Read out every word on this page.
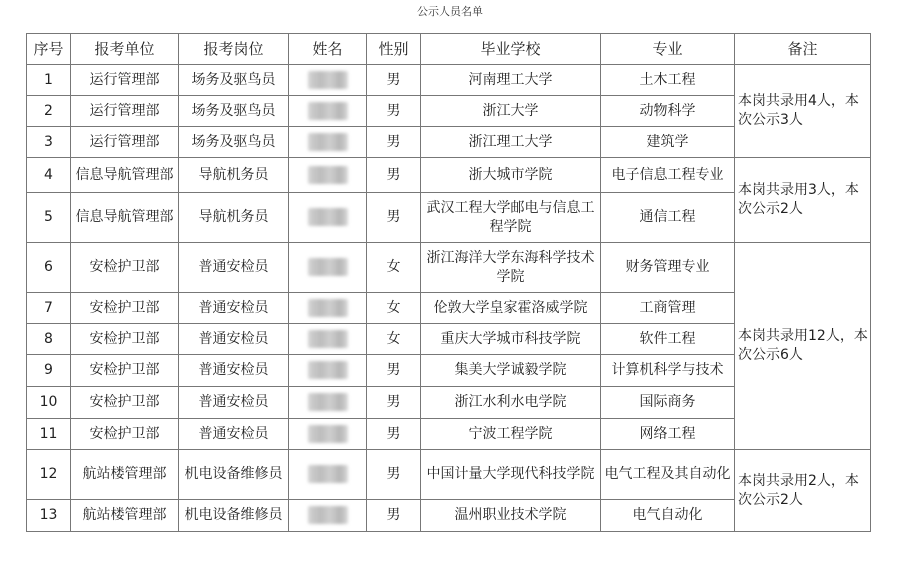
公示人员名单
序号	报考单位	报考岗位	姓名	性别	毕业学校	专业	备注
1	运行管理部	场务及驱鸟员		男	河南理工大学	土木工程	本岗共录用4人，本次公示3人
2	运行管理部	场务及驱鸟员		男	浙江大学	动物科学	
3	运行管理部	场务及驱鸟员		男	浙江理工大学	建筑学	
4	信息导航管理部	导航机务员		男	浙大城市学院	电子信息工程专业	本岗共录用3人，本次公示2人
5	信息导航管理部	导航机务员		男	武汉工程大学邮电与信息工程学院	通信工程	
6	安检护卫部	普通安检员		女	浙江海洋大学东海科学技术学院	财务管理专业	本岗共录用12人，本次公示6人
7	安检护卫部	普通安检员		女	伦敦大学皇家霍洛威学院	工商管理	
8	安检护卫部	普通安检员		女	重庆大学城市科技学院	软件工程	
9	安检护卫部	普通安检员		男	集美大学诚毅学院	计算机科学与技术	
10	安检护卫部	普通安检员		男	浙江水利水电学院	国际商务	
11	安检护卫部	普通安检员		男	宁波工程学院	网络工程	
12	航站楼管理部	机电设备维修员		男	中国计量大学现代科技学院	电气工程及其自动化	本岗共录用2人，本次公示2人
13	航站楼管理部	机电设备维修员		男	温州职业技术学院	电气自动化	
